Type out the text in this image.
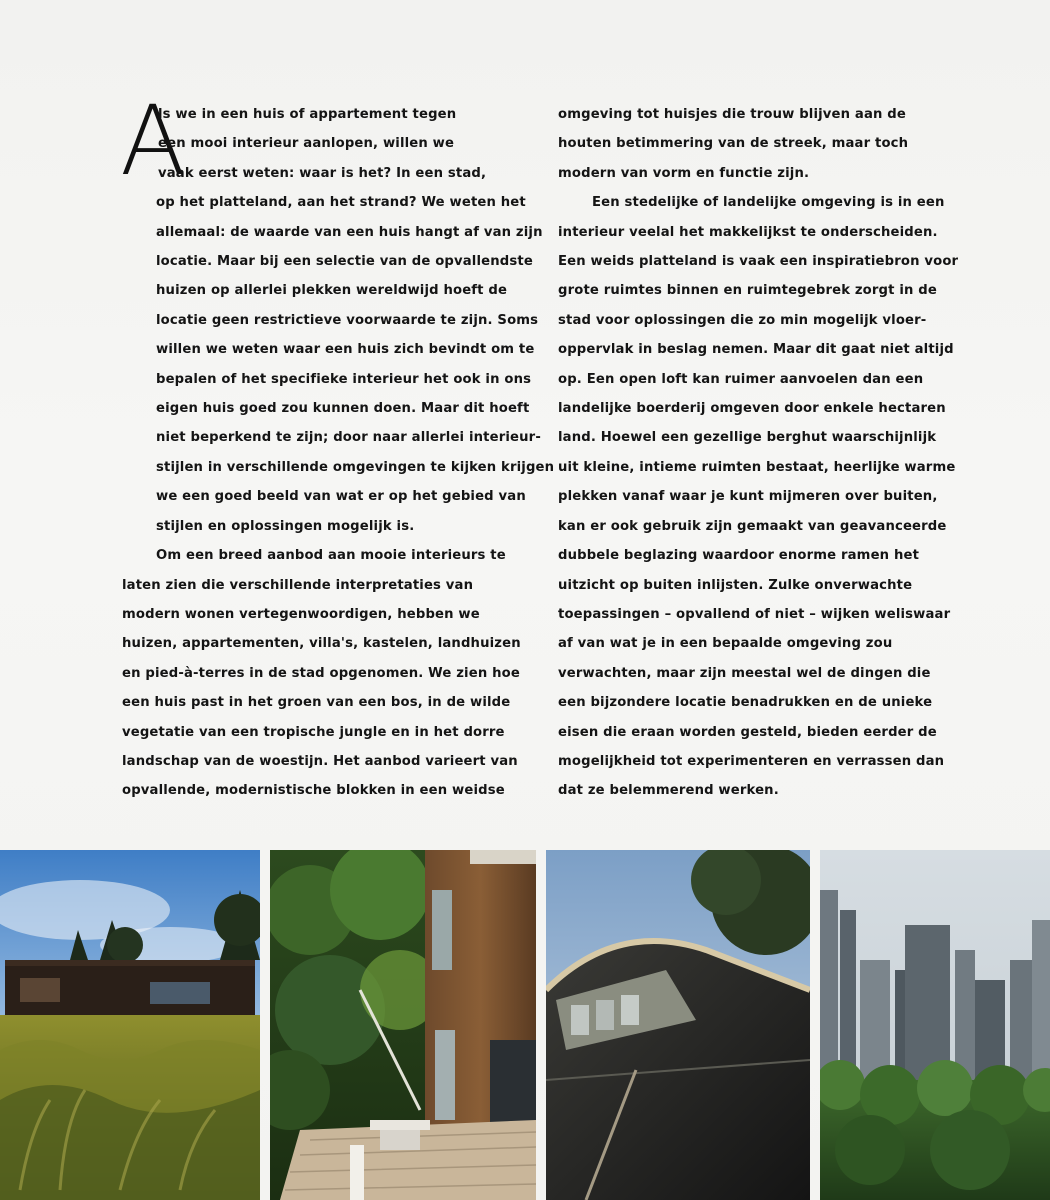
A

ls we in een huis of appartement tegen
een mooi interieur aanlopen, willen we
vaak eerst weten: waar is het? In een stad,
op het platteland, aan het strand? We weten het
allemaal: de waarde van een huis hangt af van zijn
locatie. Maar bij een selectie van de opvallendste
huizen op allerlei plekken wereldwijd hoeft de
locatie geen restrictieve voorwaarde te zijn. Soms
willen we weten waar een huis zich bevindt om te
bepalen of het specifieke interieur het ook in ons
eigen huis goed zou kunnen doen. Maar dit hoeft
niet beperkend te zijn; door naar allerlei interieur-
stijlen in verschillende omgevingen te kijken krijgen
we een goed beeld van wat er op het gebied van
stijlen en oplossingen mogelijk is.

Om een breed aanbod aan mooie interieurs te
laten zien die verschillende interpretaties van
modern wonen vertegenwoordigen, hebben we
huizen, appartementen, villa's, kastelen, landhuizen
en pied-à-terres in de stad opgenomen. We zien hoe
een huis past in het groen van een bos, in de wilde
vegetatie van een tropische jungle en in het dorre
landschap van de woestijn. Het aanbod varieert van
opvallende, modernistische blokken in een weidse

omgeving tot huisjes die trouw blijven aan de
houten betimmering van de streek, maar toch
modern van vorm en functie zijn.

Een stedelijke of landelijke omgeving is in een
interieur veelal het makkelijkst te onderscheiden.
Een weids platteland is vaak een inspiratiebron voor
grote ruimtes binnen en ruimtegebrek zorgt in de
stad voor oplossingen die zo min mogelijk vloer-
oppervlak in beslag nemen. Maar dit gaat niet altijd
op. Een open loft kan ruimer aanvoelen dan een
landelijke boerderij omgeven door enkele hectaren
land. Hoewel een gezellige berghut waarschijnlijk
uit kleine, intieme ruimten bestaat, heerlijke warme
plekken vanaf waar je kunt mijmeren over buiten,
kan er ook gebruik zijn gemaakt van geavanceerde
dubbele beglazing waardoor enorme ramen het
uitzicht op buiten inlijsten. Zulke onverwachte
toepassingen – opvallend of niet – wijken weliswaar
af van wat je in een bepaalde omgeving zou
verwachten, maar zijn meestal wel de dingen die
een bijzondere locatie benadrukken en de unieke
eisen die eraan worden gesteld, bieden eerder de
mogelijkheid tot experimenteren en verrassen dan
dat ze belemmerend werken.
